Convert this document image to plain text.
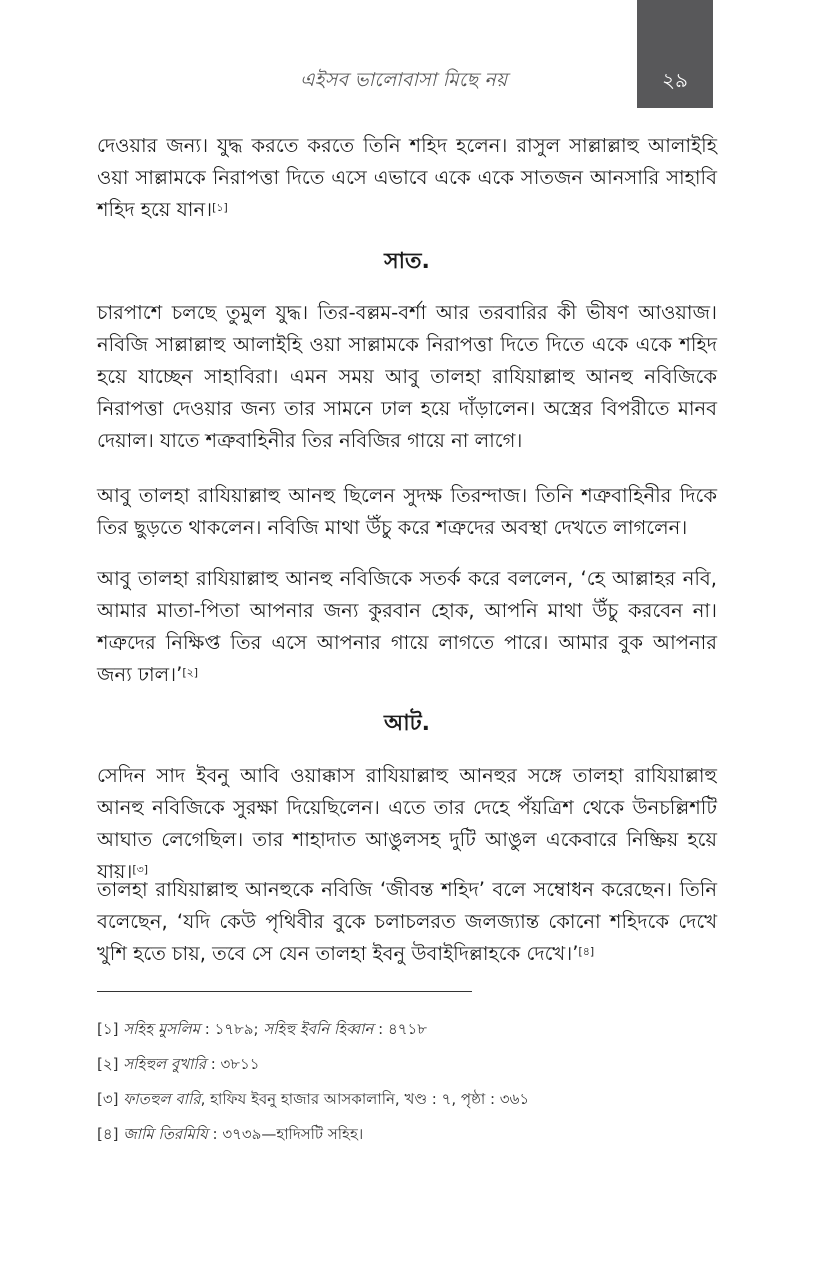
এইসব ভালোবাসা মিছে নয়	২৯

দেওয়ার জন্য। যুদ্ধ করতে করতে তিনি শহিদ হলেন। রাসুল সাল্লাল্লাহু আলাইহি ওয়া সাল্লামকে নিরাপত্তা দিতে এসে এভাবে একে একে সাতজন আনসারি সাহাবি শহিদ হয়ে যান।[১]

সাত.

চারপাশে চলছে তুমুল যুদ্ধ। তির-বল্লম-বর্শা আর তরবারির কী ভীষণ আওয়াজ। নবিজি সাল্লাল্লাহু আলাইহি ওয়া সাল্লামকে নিরাপত্তা দিতে দিতে একে একে শহিদ হয়ে যাচ্ছেন সাহাবিরা। এমন সময় আবু তালহা রাযিয়াল্লাহু আনহু নবিজিকে নিরাপত্তা দেওয়ার জন্য তার সামনে ঢাল হয়ে দাঁড়ালেন। অস্ত্রের বিপরীতে মানব দেয়াল। যাতে শত্রুবাহিনীর তির নবিজির গায়ে না লাগে।

আবু তালহা রাযিয়াল্লাহু আনহু ছিলেন সুদক্ষ তিরন্দাজ। তিনি শত্রুবাহিনীর দিকে তির ছুড়তে থাকলেন। নবিজি মাথা উঁচু করে শত্রুদের অবস্থা দেখতে লাগলেন।

আবু তালহা রাযিয়াল্লাহু আনহু নবিজিকে সতর্ক করে বললেন, ‘হে আল্লাহর নবি, আমার মাতা-পিতা আপনার জন্য কুরবান হোক, আপনি মাথা উঁচু করবেন না। শত্রুদের নিক্ষিপ্ত তির এসে আপনার গায়ে লাগতে পারে। আমার বুক আপনার জন্য ঢাল।’[২]

আট.

সেদিন সাদ ইবনু আবি ওয়াক্কাস রাযিয়াল্লাহু আনহুর সঙ্গে তালহা রাযিয়াল্লাহু আনহু নবিজিকে সুরক্ষা দিয়েছিলেন। এতে তার দেহে পঁয়ত্রিশ থেকে উনচল্লিশটি আঘাত লেগেছিল। তার শাহাদাত আঙুলসহ দুটি আঙুল একেবারে নিষ্ক্রিয় হয়ে যায়।[৩]

তালহা রাযিয়াল্লাহু আনহুকে নবিজি ‘জীবন্ত শহিদ’ বলে সম্বোধন করেছেন। তিনি বলেছেন, ‘যদি কেউ পৃথিবীর বুকে চলাচলরত জলজ্যান্ত কোনো শহিদকে দেখে খুশি হতে চায়, তবে সে যেন তালহা ইবনু উবাইদিল্লাহকে দেখে।’[৪]

[১] সহিহ মুসলিম : ১৭৮৯; সহিহু ইবনি হিব্বান : ৪৭১৮

[২] সহিহুল বুখারি : ৩৮১১

[৩] ফাতহুল বারি, হাফিয ইবনু হাজার আসকালানি, খণ্ড : ৭, পৃষ্ঠা : ৩৬১

[৪] জামি তিরমিযি : ৩৭৩৯—হাদিসটি সহিহ।
